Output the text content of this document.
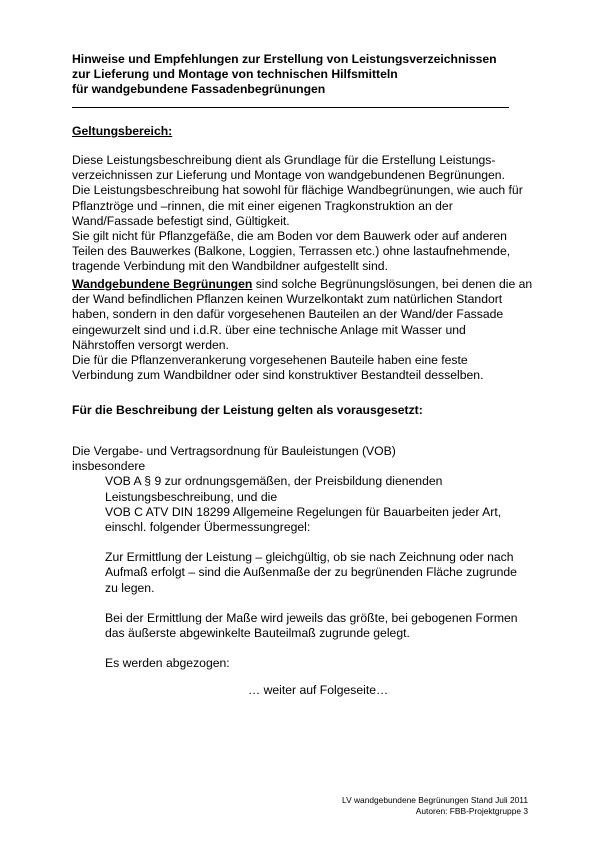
Hinweise und Empfehlungen zur Erstellung von Leistungsverzeichnissen
zur Lieferung und Montage von technischen Hilfsmitteln
für wandgebundene Fassadenbegrünungen
Geltungsbereich:
Diese Leistungsbeschreibung dient als Grundlage für die Erstellung Leistungs-
verzeichnissen zur Lieferung und Montage von wandgebundenen Begrünungen.
Die Leistungsbeschreibung hat sowohl für flächige Wandbegrünungen, wie auch für
Pflanztröge und –rinnen, die mit einer eigenen Tragkonstruktion an der
Wand/Fassade befestigt sind, Gültigkeit.
Sie gilt nicht für Pflanzgefäße, die am Boden vor dem Bauwerk oder auf anderen
Teilen des Bauwerkes (Balkone, Loggien, Terrassen etc.) ohne lastaufnehmende,
tragende Verbindung mit den Wandbildner aufgestellt sind.
Wandgebundene Begrünungen sind solche Begrünungslösungen, bei denen die an
der Wand befindlichen Pflanzen keinen Wurzelkontakt zum natürlichen Standort
haben, sondern in den dafür vorgesehenen Bauteilen an der Wand/der Fassade
eingewurzelt sind und i.d.R. über eine technische Anlage mit Wasser und
Nährstoffen versorgt werden.
Die für die Pflanzenverankerung vorgesehenen Bauteile haben eine feste
Verbindung zum Wandbildner oder sind konstruktiver Bestandteil desselben.
Für die Beschreibung der Leistung gelten als vorausgesetzt:
Die Vergabe- und Vertragsordnung für Bauleistungen (VOB)
insbesondere
VOB A § 9 zur ordnungsgemäßen, der Preisbildung dienenden
Leistungsbeschreibung, und die
VOB C ATV DIN 18299 Allgemeine Regelungen für Bauarbeiten jeder Art,
einschl. folgender Übermessungregel:
Zur Ermittlung der Leistung – gleichgültig, ob sie nach Zeichnung oder nach
Aufmaß erfolgt – sind die Außenmaße der zu begrünenden Fläche zugrunde
zu legen.
Bei der Ermittlung der Maße wird jeweils das größte, bei gebogenen Formen
das äußerste abgewinkelte Bauteilmaß zugrunde gelegt.
Es werden abgezogen:
… weiter auf Folgeseite…
LV wandgebundene Begrünungen Stand Juli 2011
Autoren: FBB-Projektgruppe 3
